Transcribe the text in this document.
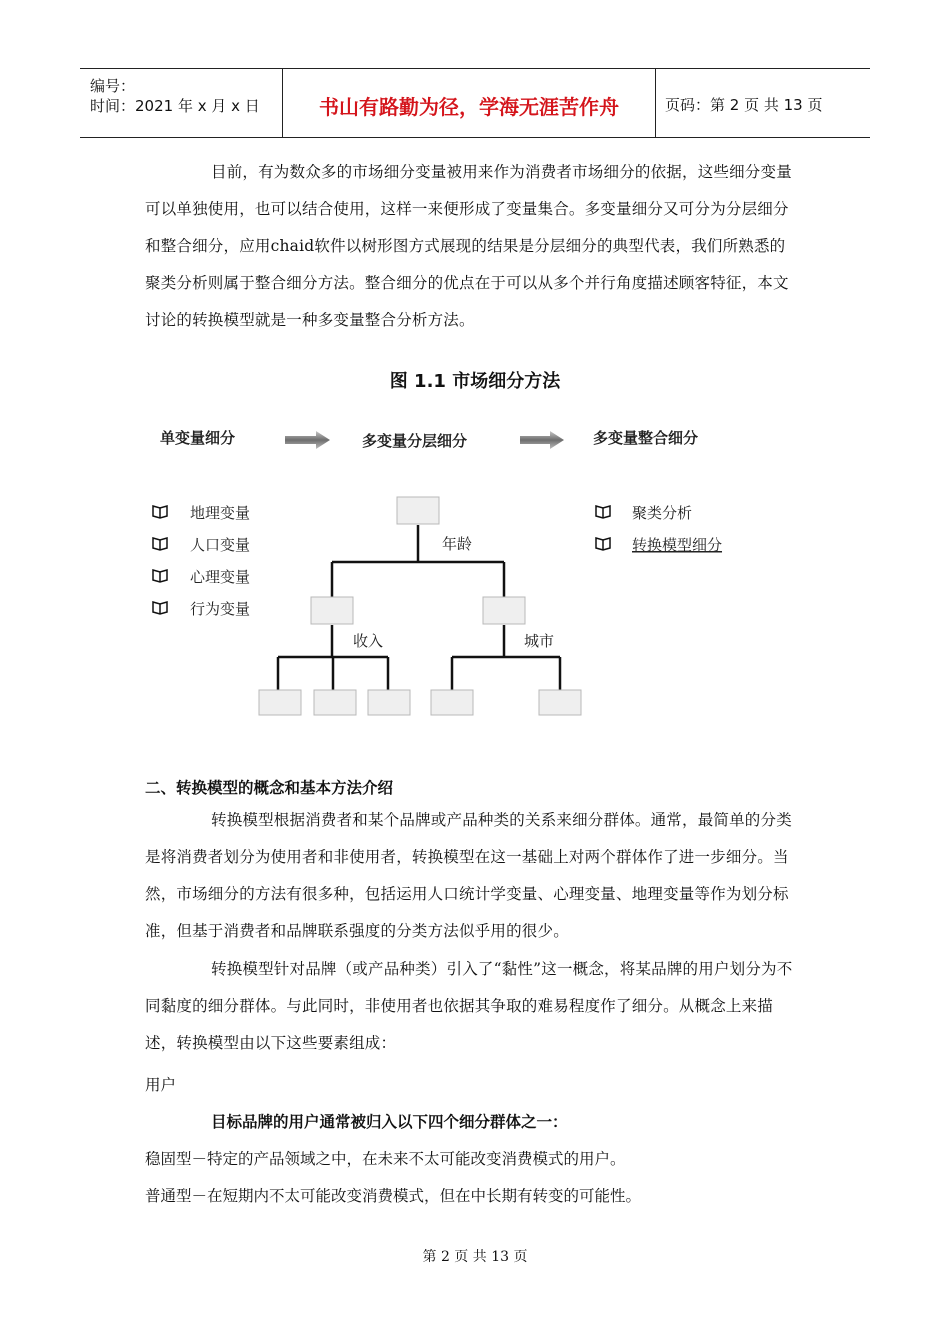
编号：
时间：2021 年 x 月 x 日	书山有路勤为径，学海无涯苦作舟	页码：第 2 页 共 13 页
目前，有为数众多的市场细分变量被用来作为消费者市场细分的依据，这些细分变量可以单独使用，也可以结合使用，这样一来便形成了变量集合。多变量细分又可分为分层细分和整合细分，应用chaid软件以树形图方式展现的结果是分层细分的典型代表，我们所熟悉的聚类分析则属于整合细分方法。整合细分的优点在于可以从多个并行角度描述顾客特征，本文讨论的转换模型就是一种多变量整合分析方法。
图 1.1 市场细分方法
单变量细分	多变量分层细分	多变量整合细分
地理变量
人口变量
心理变量
行为变量
聚类分析
转换模型细分
年龄
收入	城市
二、转换模型的概念和基本方法介绍
转换模型根据消费者和某个品牌或产品种类的关系来细分群体。通常，最简单的分类是将消费者划分为使用者和非使用者，转换模型在这一基础上对两个群体作了进一步细分。当然，市场细分的方法有很多种，包括运用人口统计学变量、心理变量、地理变量等作为划分标准，但基于消费者和品牌联系强度的分类方法似乎用的很少。
转换模型针对品牌（或产品种类）引入了“黏性”这一概念，将某品牌的用户划分为不同黏度的细分群体。与此同时，非使用者也依据其争取的难易程度作了细分。从概念上来描述，转换模型由以下这些要素组成：
用户
目标品牌的用户通常被归入以下四个细分群体之一：
稳固型－特定的产品领域之中，在未来不太可能改变消费模式的用户。
普通型－在短期内不太可能改变消费模式，但在中长期有转变的可能性。
第 2 页 共 13 页
